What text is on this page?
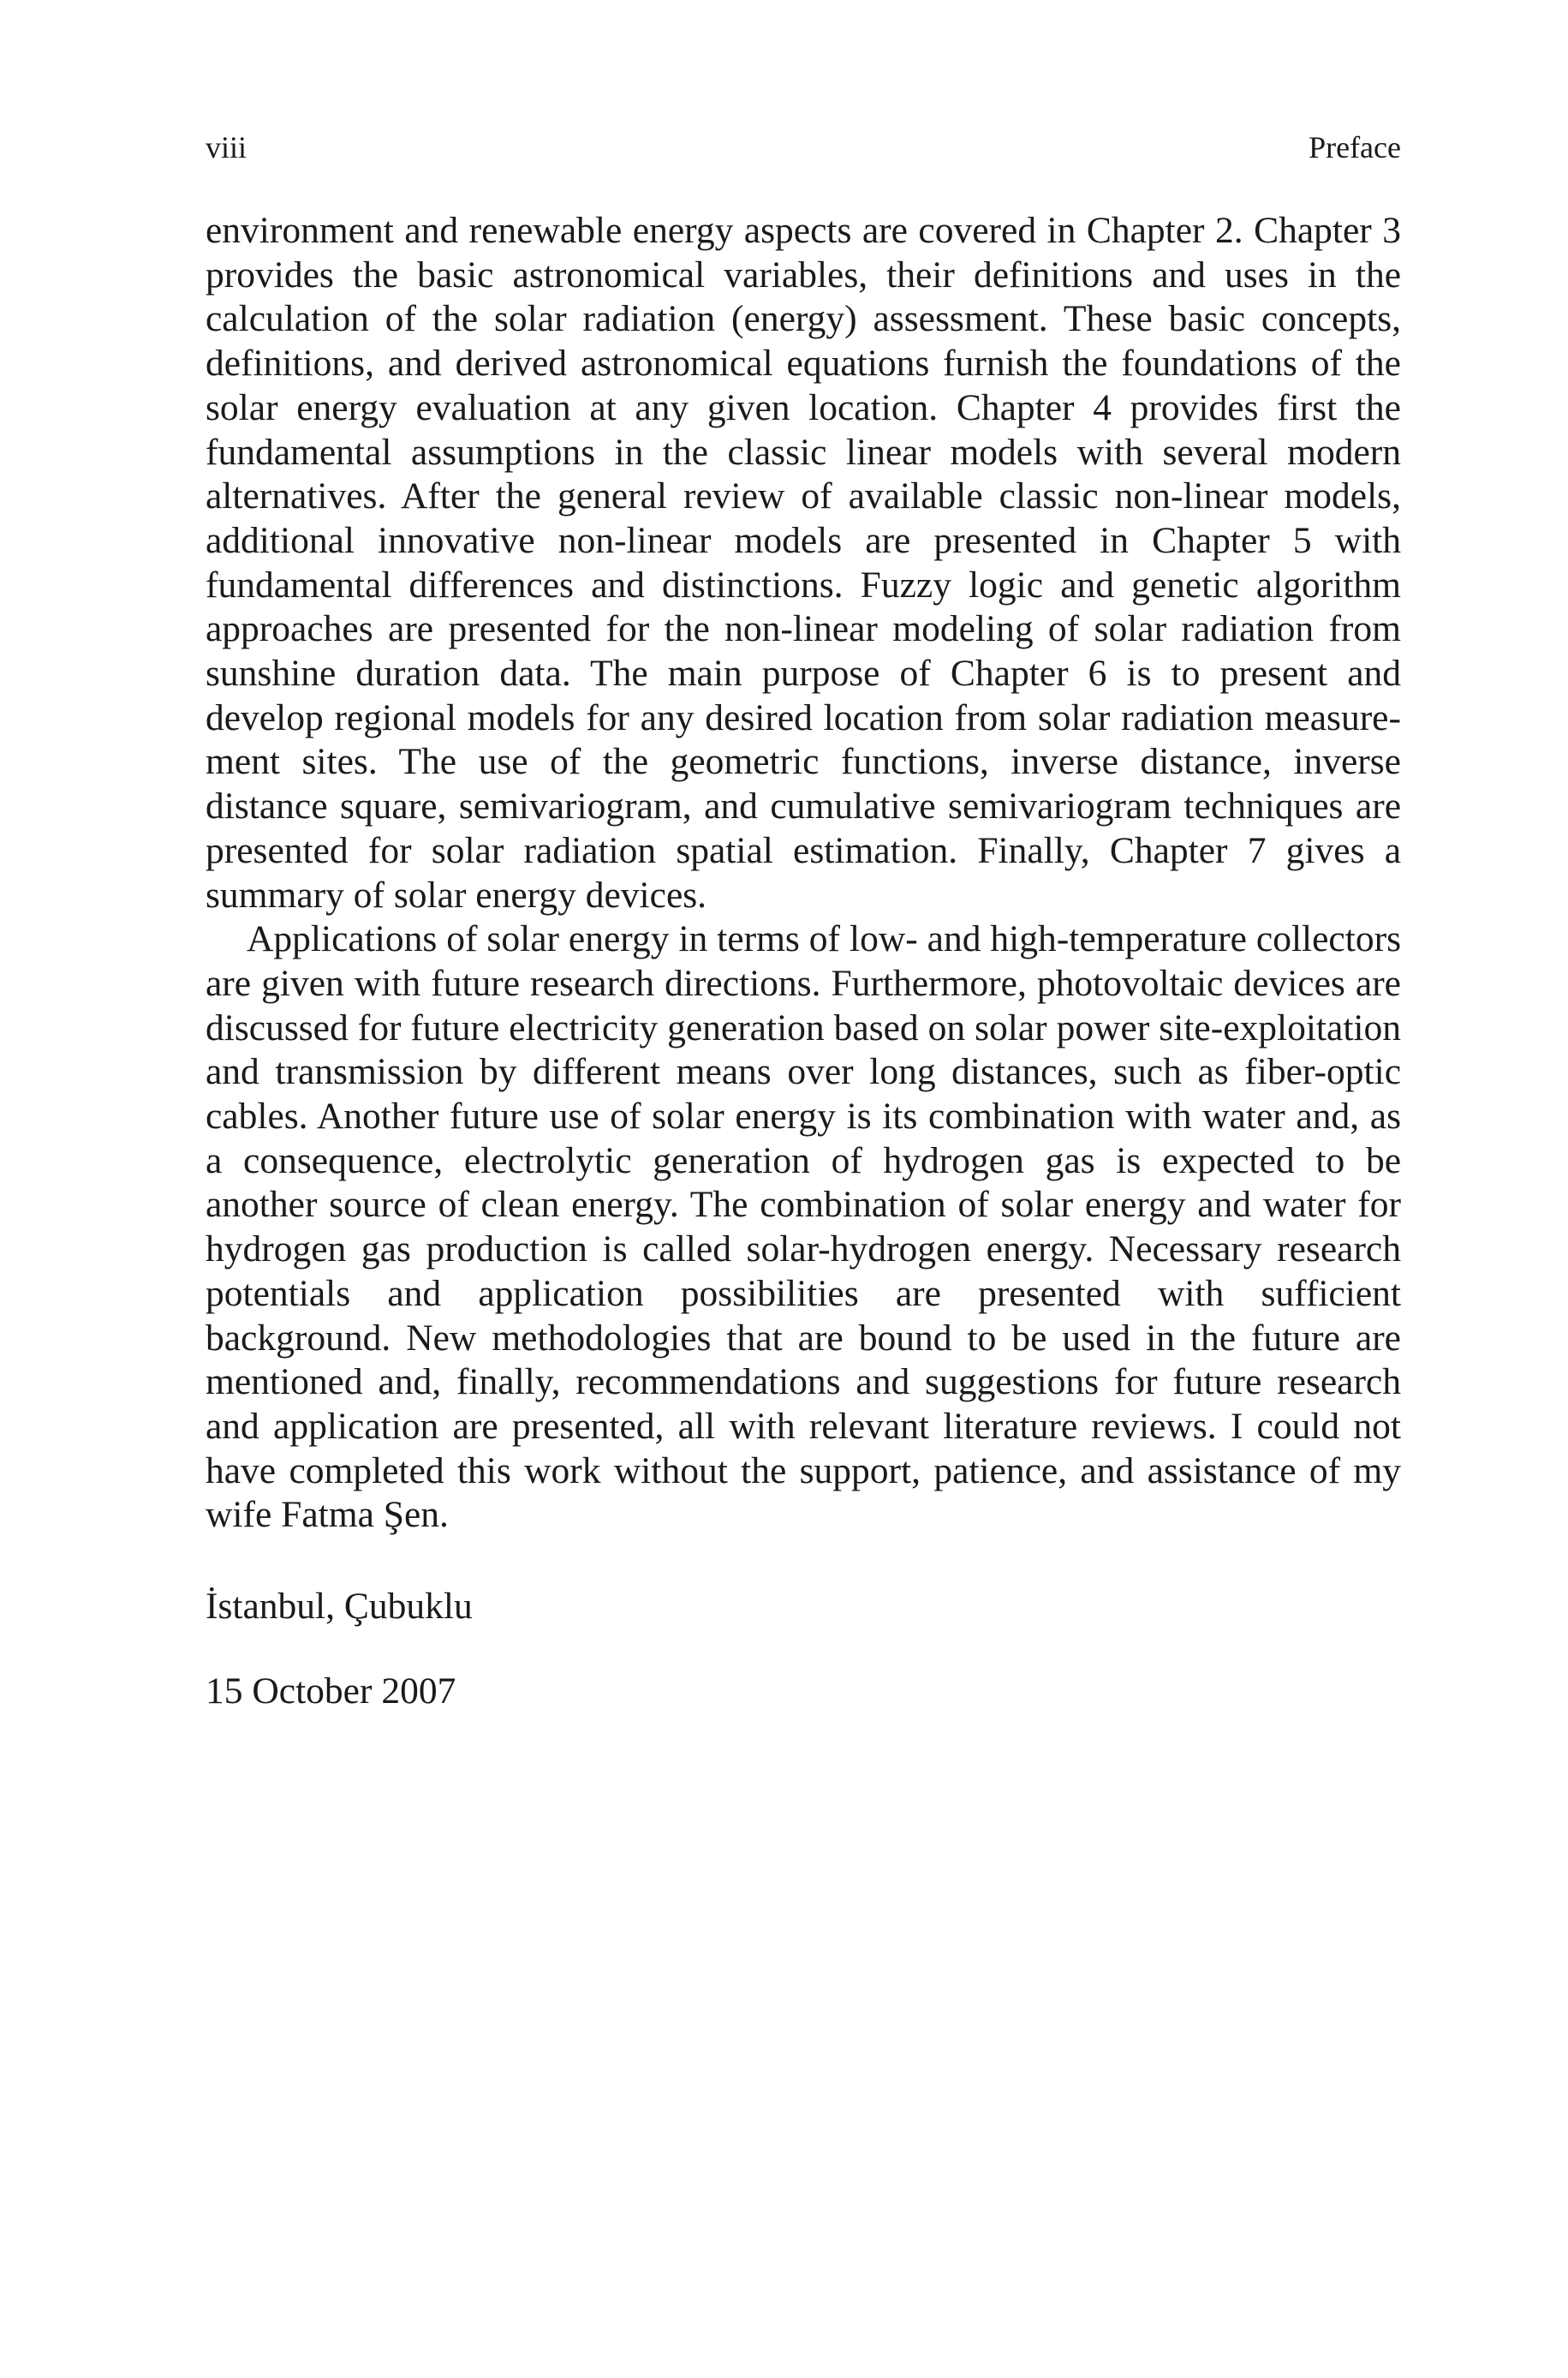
viii	Preface

environment and renewable energy aspects are covered in Chapter 2. Chapter 3 provides the basic astronomical variables, their definitions and uses in the calculation of the solar radiation (energy) assessment. These basic concepts, definitions, and derived astronomical equations furnish the foundations of the solar energy evaluation at any given location. Chapter 4 provides first the fundamental assumptions in the classic linear models with several modern alternatives. After the general review of available classic non-linear models, additional innovative non-linear models are presented in Chapter 5 with fundamental differences and distinctions. Fuzzy logic and genetic algorithm approaches are presented for the non-linear modeling of solar radiation from sunshine duration data. The main purpose of Chapter 6 is to present and develop regional models for any desired location from solar radiation measurement sites. The use of the geometric functions, inverse distance, inverse distance square, semivariogram, and cumulative semivariogram techniques are presented for solar radiation spatial estimation. Finally, Chapter 7 gives a summary of solar energy devices.

Applications of solar energy in terms of low- and high-temperature collectors are given with future research directions. Furthermore, photovoltaic devices are discussed for future electricity generation based on solar power site-exploitation and transmission by different means over long distances, such as fiber-optic cables. Another future use of solar energy is its combination with water and, as a consequence, electrolytic generation of hydrogen gas is expected to be another source of clean energy. The combination of solar energy and water for hydrogen gas production is called solar-hydrogen energy. Necessary research potentials and application possibilities are presented with sufficient background. New methodologies that are bound to be used in the future are mentioned and, finally, recommendations and suggestions for future research and application are presented, all with relevant literature reviews. I could not have completed this work without the support, patience, and assistance of my wife Fatma Şen.

İstanbul, Çubuklu
15 October 2007
